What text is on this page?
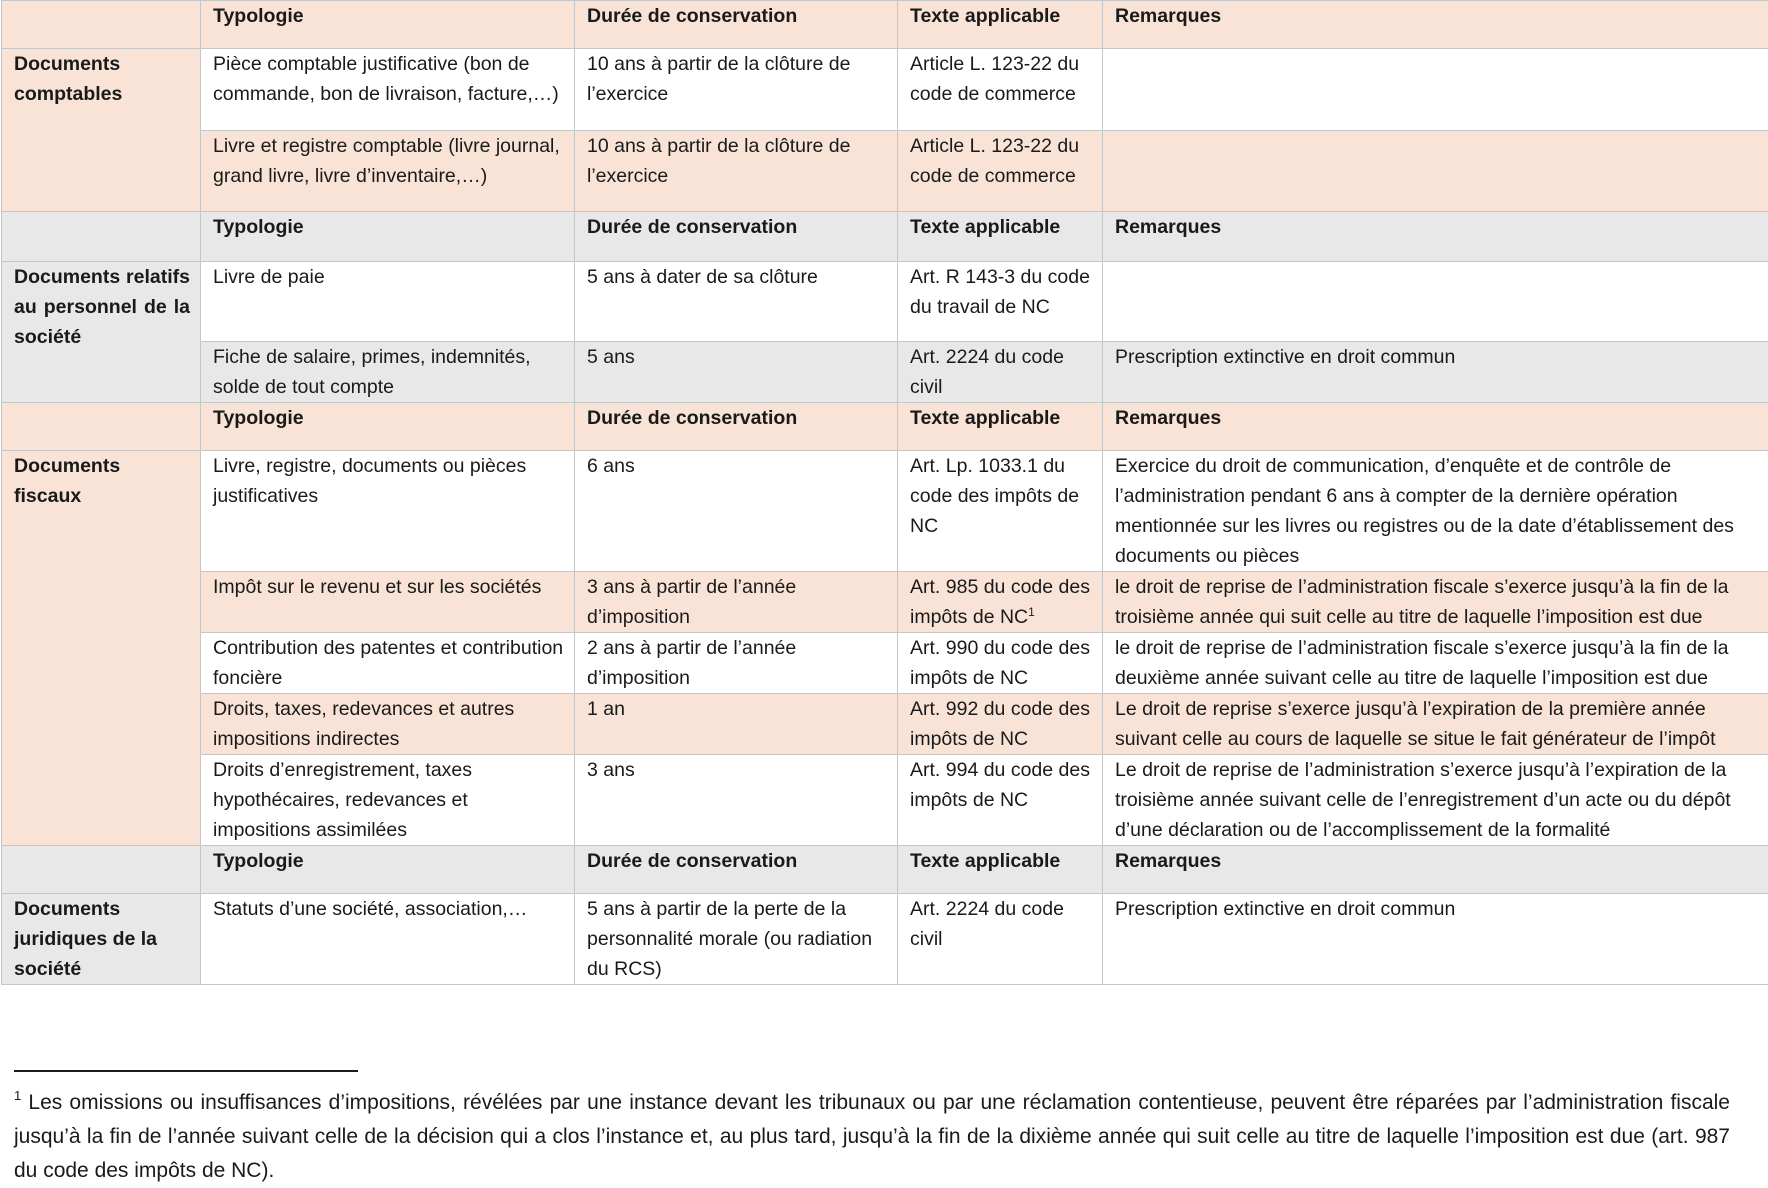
	Typologie	Durée de conservation	Texte applicable	Remarques
Documents comptables	Pièce comptable justificative (bon de commande, bon de livraison, facture,…)	10 ans à partir de la clôture de l’exercice	Article L. 123-22 du code de commerce	
	Livre et registre comptable (livre journal, grand livre, livre d’inventaire,…)	10 ans à partir de la clôture de l’exercice	Article L. 123-22 du code de commerce	
	Typologie	Durée de conservation	Texte applicable	Remarques
Documents relatifs au personnel de la société	Livre de paie	5 ans à dater de sa clôture	Art. R 143-3 du code du travail de NC	
	Fiche de salaire, primes, indemnités, solde de tout compte	5 ans	Art. 2224 du code civil	Prescription extinctive en droit commun
	Typologie	Durée de conservation	Texte applicable	Remarques
Documents fiscaux	Livre, registre, documents ou pièces justificatives	6 ans	Art. Lp. 1033.1 du code des impôts de NC	Exercice du droit de communication, d’enquête et de contrôle de l’administration pendant 6 ans à compter de la dernière opération mentionnée sur les livres ou registres ou de la date d’établissement des documents ou pièces
	Impôt sur le revenu et sur les sociétés	3 ans à partir de l’année d’imposition	Art. 985 du code des impôts de $NC^1$	le droit de reprise de l’administration fiscale s’exerce jusqu’à la fin de la troisième année qui suit celle au titre de laquelle l’imposition est due
	Contribution des patentes et contribution foncière	2 ans à partir de l’année d’imposition	Art. 990 du code des impôts de NC	le droit de reprise de l’administration fiscale s’exerce jusqu’à la fin de la deuxième année suivant celle au titre de laquelle l’imposition est due
	Droits, taxes, redevances et autres impositions indirectes	1 an	Art. 992 du code des impôts de NC	Le droit de reprise s’exerce jusqu’à l’expiration de la première année suivant celle au cours de laquelle se situe le fait générateur de l’impôt
	Droits d’enregistrement, taxes hypothécaires, redevances et impositions assimilées	3 ans	Art. 994 du code des impôts de NC	Le droit de reprise de l’administration s’exerce jusqu’à l’expiration de la troisième année suivant celle de l’enregistrement d’un acte ou du dépôt d’une déclaration ou de l’accomplissement de la formalité
	Typologie	Durée de conservation	Texte applicable	Remarques
Documents juridiques de la société	Statuts d’une société, association,…	5 ans à partir de la perte de la personnalité morale (ou radiation du RCS)	Art. 2224 du code civil	Prescription extinctive en droit commun

$^1$ Les omissions ou insuffisances d’impositions, révélées par une instance devant les tribunaux ou par une réclamation contentieuse, peuvent être réparées par l’administration fiscale jusqu’à la fin de l’année suivant celle de la décision qui a clos l’instance et, au plus tard, jusqu’à la fin de la dixième année qui suit celle au titre de laquelle l’imposition est due (art. 987 du code des impôts de NC).
